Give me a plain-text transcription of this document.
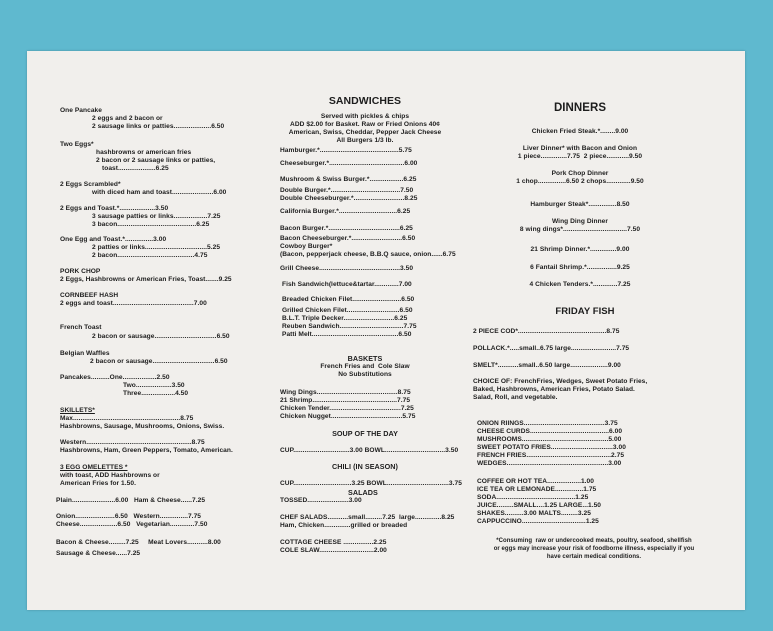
One Pancake
2 eggs and 2 bacon or
2 sausage links or patties....................6.50
Two Eggs*
hashbrowns or american fries
2 bacon or 2 sausage links or patties,
toast....................6.25
2 Eggs Scrambled*
with diced ham and toast......................6.00
2 Eggs and Toast.*...................3.50
3 sausage patties or links..................7.25
3 bacon..........................................6.25
One Egg and Toast.*...............3.00
2 patties or links.................................5.25
2 bacon.........................................4.75
PORK CHOP
2 Eggs, Hashbrowns or American Fries, Toast.......9.25
CORNBEEF HASH
2 eggs and toast...........................................7.00
French Toast
2 bacon or sausage.................................6.50
Belgian Waffles
2 bacon or sausage.................................6.50
Pancakes..........One..................2.50
Two...................3.50
Three..................4.50
SKILLETS*
Max.........................................................8.75
Hashbrowns, Sausage, Mushrooms, Onions, Swiss.
Western........................................................8.75
Hashbrowns, Ham, Green Peppers, Tomato, American.
3 EGG OMELETTES *
with toast, ADD Hashbrowns or
American Fries for 1.50.
Plain.......................6.00   Ham & Cheese......7.25
Onion.....................6.50   Western...............7.75
Cheese....................6.50   Vegetarian.............7.50
Bacon & Cheese.........7.25     Meat Lovers...........8.00
Sausage & Cheese......7.25
SANDWICHES
Served with pickles & chips
ADD $2.00 for Basket. Raw or Fried Onions 40¢
American, Swiss, Cheddar, Pepper Jack Cheese
All Burgers 1/3 lb.
Hamburger.*..........................................5.75
Cheeseburger.*........................................6.00
Mushroom & Swiss Burger.*..................6.25
Double Burger.*.....................................7.50
Double Cheeseburger.*...........................8.25
California Burger.*...............................6.25
Bacon Burger.*......................................6.25
Bacon Cheeseburger.*...........................6.50
Cowboy Burger*
(Bacon, pepperjack cheese, B.B.Q sauce, onion......6.75
Grill Cheese...........................................3.50
Fish Sandwich(lettuce&tartar.............7.00
Breaded Chicken Filet..........................6.50
Grilled Chicken Filet............................6.50
B.L.T. Triple Decker...........................6.25
Reuben Sandwich..................................7.75
Patti Melt..............................................6.50
BASKETS
French Fries and  Cole Slaw
No Substitutions
Wing Dings...........................................8.75
21 Shrimp.............................................7.75
Chicken Tender......................................7.25
Chicken Nugget......................................5.75
SOUP OF THE DAY
CUP..............................3.00 BOWL................................3.50
CHILI (IN SEASON)
CUP...............................3.25 BOWL.................................3.75
SALADS
TOSSED......................3.00
CHEF SALADS...........small.........7.25  large..............8.25
Ham, Chicken..............grilled or breaded
COTTAGE CHEESE ................2.25
COLE SLAW.............................2.00
DINNERS
Chicken Fried Steak.*........9.00
Liver Dinner* with Bacon and Onion
1 piece..............7.75  2 piece............9.50
Pork Chop Dinner
1 chop...............6.50 2 chops.............9.50
Hamburger Steak*...............8.50
Wing Ding Dinner
8 wing dings*..................................7.50
21 Shrimp Dinner.*..............9.00
6 Fantail Shrimp.*................9.25
4 Chicken Tenders.*.............7.25
FRIDAY FISH
2 PIECE COD*...............................................8.75
POLLACK.*.....small..6.75 large........................7.75
SMELT*...........small..6.50 large....................9.00
CHOICE OF: FrenchFries, Wedges, Sweet Potato Fries,
Baked, Hashbrowns, American Fries, Potato Salad.
Salad, Roll, and vegetable.
ONION RIINGS...........................................3.75
CHEESE CURDS..........................................6.00
MUSHROOMS..............................................5.00
SWEET POTATO FRIES.................................3.00
FRENCH FRIES.............................................2.75
WEDGES......................................................3.00
COFFEE OR HOT TEA..................1.00
ICE TEA OR LEMONADE...............1.75
SODA..........................................1.25
JUICE.........SMALL....1.25 LARGE...1.50
SHAKES..........3.00 MALTS.........3.25
CAPPUCCINO..................................1.25
*Consuming  raw or undercooked meats, poultry, seafood, shellfish
or eggs may increase your risk of foodborne illness, especially if you
have certain medical conditions.
